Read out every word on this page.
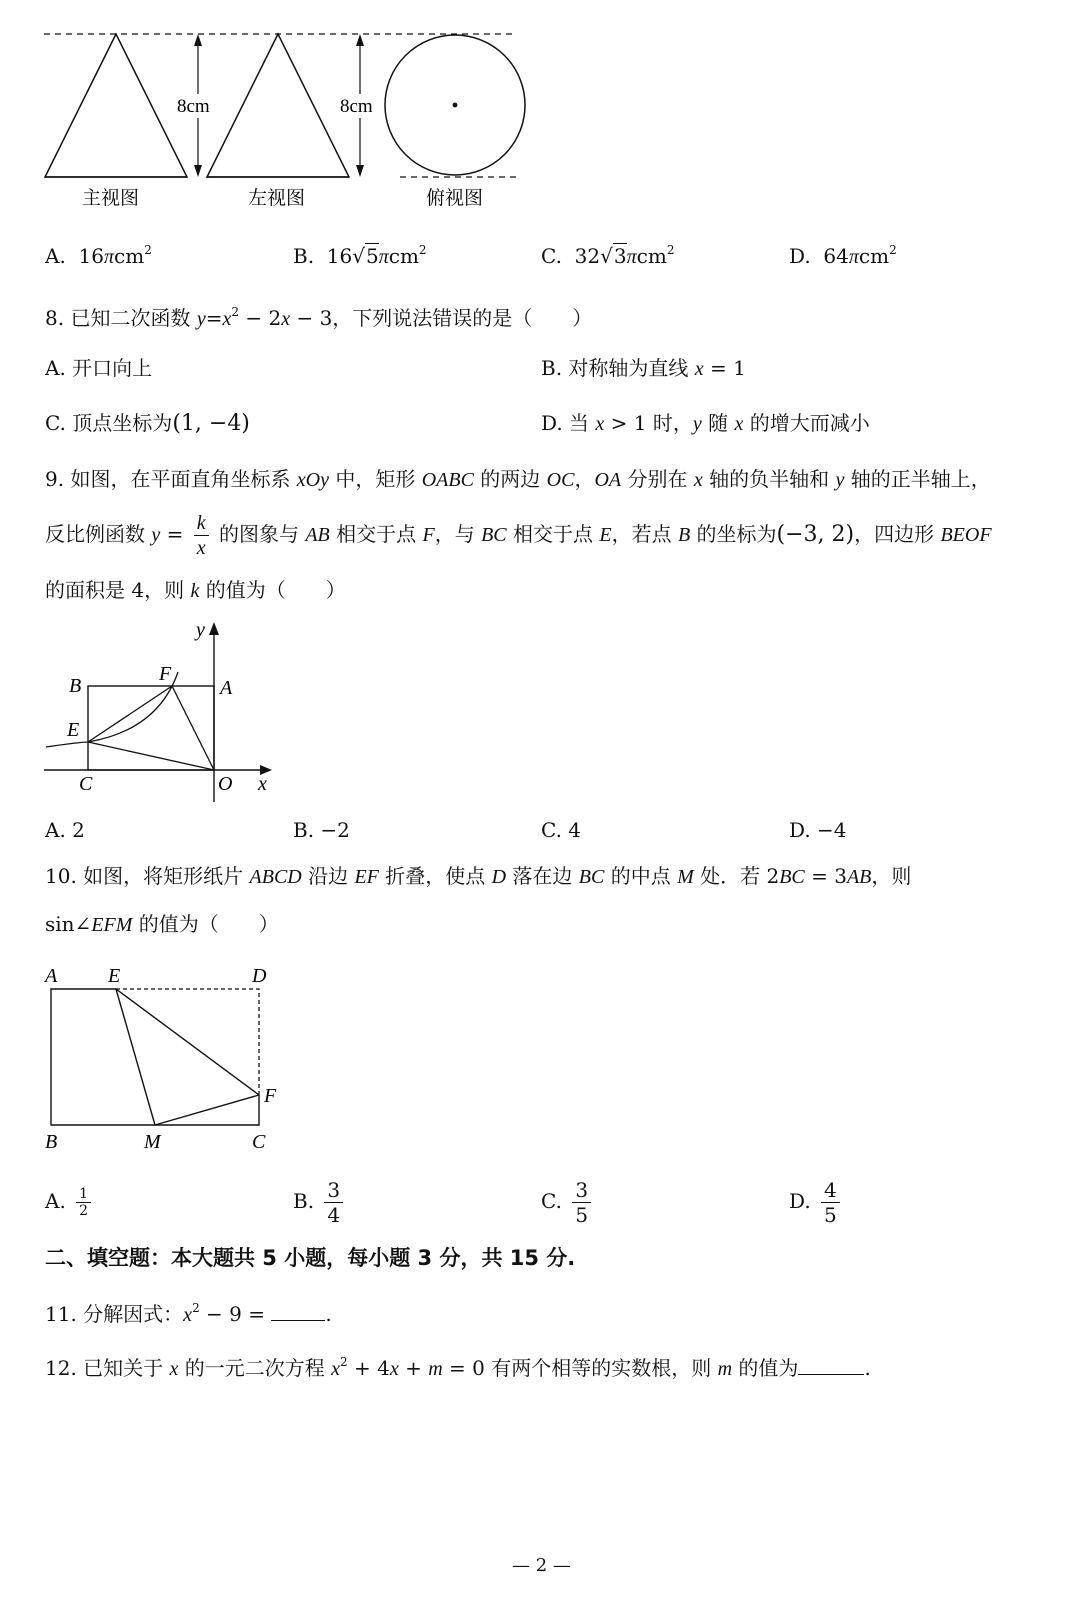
8cm	8cm
主视图	左视图	俯视图
A. 16πcm$^2$	B. 16√5πcm$^2$	C. 32√3πcm$^2$	D. 64πcm$^2$
8. 已知二次函数 $y=x^2 - 2x - 3$，下列说法错误的是（　　）
A. 开口向上	B. 对称轴为直线 x = 1
C. 顶点坐标为(1, −4)	D. 当 x > 1 时，y 随 x 的增大而减小
9. 如图，在平面直角坐标系 xOy 中，矩形 OABC 的两边 OC，OA 分别在 x 轴的负半轴和 y 轴的正半轴上，
反比例函数 $y = \frac{k}{x}$ 的图象与 AB 相交于点 F，与 BC 相交于点 E，若点 B 的坐标为(−3, 2)，四边形 BEOF
的面积是 4，则 k 的值为（　　）
y
B
F
A
E
C	O x
A. 2	B. −2	C. 4	D. −4
10. 如图，将矩形纸片 ABCD 沿边 EF 折叠，使点 D 落在边 BC 的中点 M 处．若 2BC = 3AB，则
sin∠EFM 的值为（　　）
A	E	D
F
B	M	C
A. $\frac{1}{2}$	B. $\frac{3}{4}$	C. $\frac{3}{5}$	D. $\frac{4}{5}$
二、填空题：本大题共 5 小题，每小题 3 分，共 15 分.
11. 分解因式：$x^2 - 9$ =	.
12. 已知关于 x 的一元二次方程 $x^2 + 4x + m = 0$ 有两个相等的实数根，则 m 的值为	.
— 2 —
